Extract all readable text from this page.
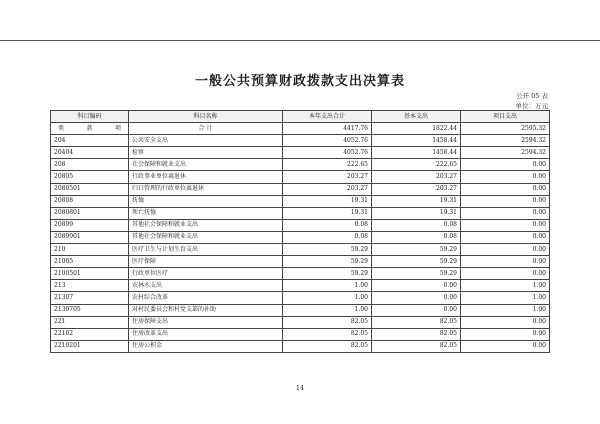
一般公共预算财政拨款支出决算表
公开 05 表
单位：万元
科目编码	科目名称	本年支出合计	基本支出	项目支出

类 款 项	合 计	4417.76	1822.44	2595.32
204	公共安全支出	4052.76	1458.44	2594.32
20404	检察	4052.76	1458.44	2594.32
208	社会保障和就业支出	222.65	222.65	0.00
20805	行政事业单位离退休	203.27	203.27	0.00
2080501	归口管理的行政单位离退休	203.27	203.27	0.00
20808	抚恤	19.31	19.31	0.00
2080801	死亡抚恤	19.31	19.31	0.00
20899	其他社会保障和就业支出	0.08	0.08	0.00
2089901	其他社会保障和就业支出	0.08	0.08	0.00
210	医疗卫生与计划生育支出	59.29	59.29	0.00
21005	医疗保障	59.29	59.29	0.00
2100501	行政单位医疗	59.29	59.29	0.00
213	农林水支出	1.00	0.00	1.00
21307	农村综合改革	1.00	0.00	1.00
2130705	对村民委员会和村党支部的补助	1.00	0.00	1.00
221	住房保障支出	82.05	82.05	0.00
22102	住房改革支出	82.05	82.05	0.00
2210201	住房公积金	82.05	82.05	0.00
14
